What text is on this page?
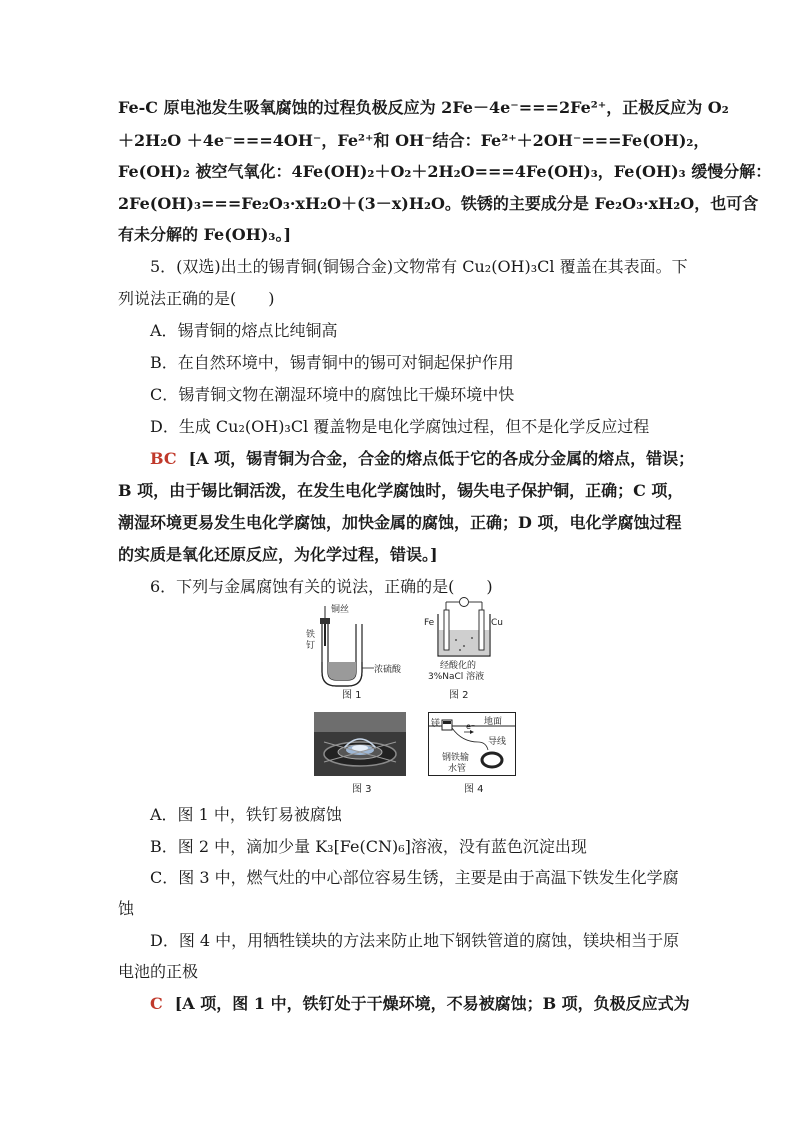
Fe-C 原电池发生吸氧腐蚀的过程负极反应为 2Fe－4e⁻===2Fe²⁺，正极反应为 O₂
＋2H₂O ＋4e⁻===4OH⁻，Fe²⁺和 OH⁻结合：Fe²⁺＋2OH⁻===Fe(OH)₂，
Fe(OH)₂ 被空气氧化：4Fe(OH)₂＋O₂＋2H₂O===4Fe(OH)₃，Fe(OH)₃ 缓慢分解：
2Fe(OH)₃===Fe₂O₃·xH₂O＋(3－x)H₂O。铁锈的主要成分是 Fe₂O₃·xH₂O，也可含
有未分解的 Fe(OH)₃。]
5．(双选)出土的锡青铜(铜锡合金)文物常有 Cu₂(OH)₃Cl 覆盖在其表面。下
列说法正确的是(　　)
A．锡青铜的熔点比纯铜高
B．在自然环境中，锡青铜中的锡可对铜起保护作用
C．锡青铜文物在潮湿环境中的腐蚀比干燥环境中快
D．生成 Cu₂(OH)₃Cl 覆盖物是电化学腐蚀过程，但不是化学反应过程
BC [A 项，锡青铜为合金，合金的熔点低于它的各成分金属的熔点，错误；
B 项，由于锡比铜活泼，在发生电化学腐蚀时，锡失电子保护铜，正确；C 项，
潮湿环境更易发生电化学腐蚀，加快金属的腐蚀，正确；D 项，电化学腐蚀过程
的实质是氧化还原反应，为化学过程，错误。]
6．下列与金属腐蚀有关的说法，正确的是(　　)
铜丝
铁钉
浓硫酸
图 1
Fe	Cu
经酸化的
3%NaCl 溶液
图 2
图 3
镁	地面
e⁻
导线
钢铁输
水管
图 4
A．图 1 中，铁钉易被腐蚀
B．图 2 中，滴加少量 K₃[Fe(CN)₆]溶液，没有蓝色沉淀出现
C．图 3 中，燃气灶的中心部位容易生锈，主要是由于高温下铁发生化学腐
蚀
D．图 4 中，用牺牲镁块的方法来防止地下钢铁管道的腐蚀，镁块相当于原
电池的正极
C [A 项，图 1 中，铁钉处于干燥环境，不易被腐蚀；B 项，负极反应式为
